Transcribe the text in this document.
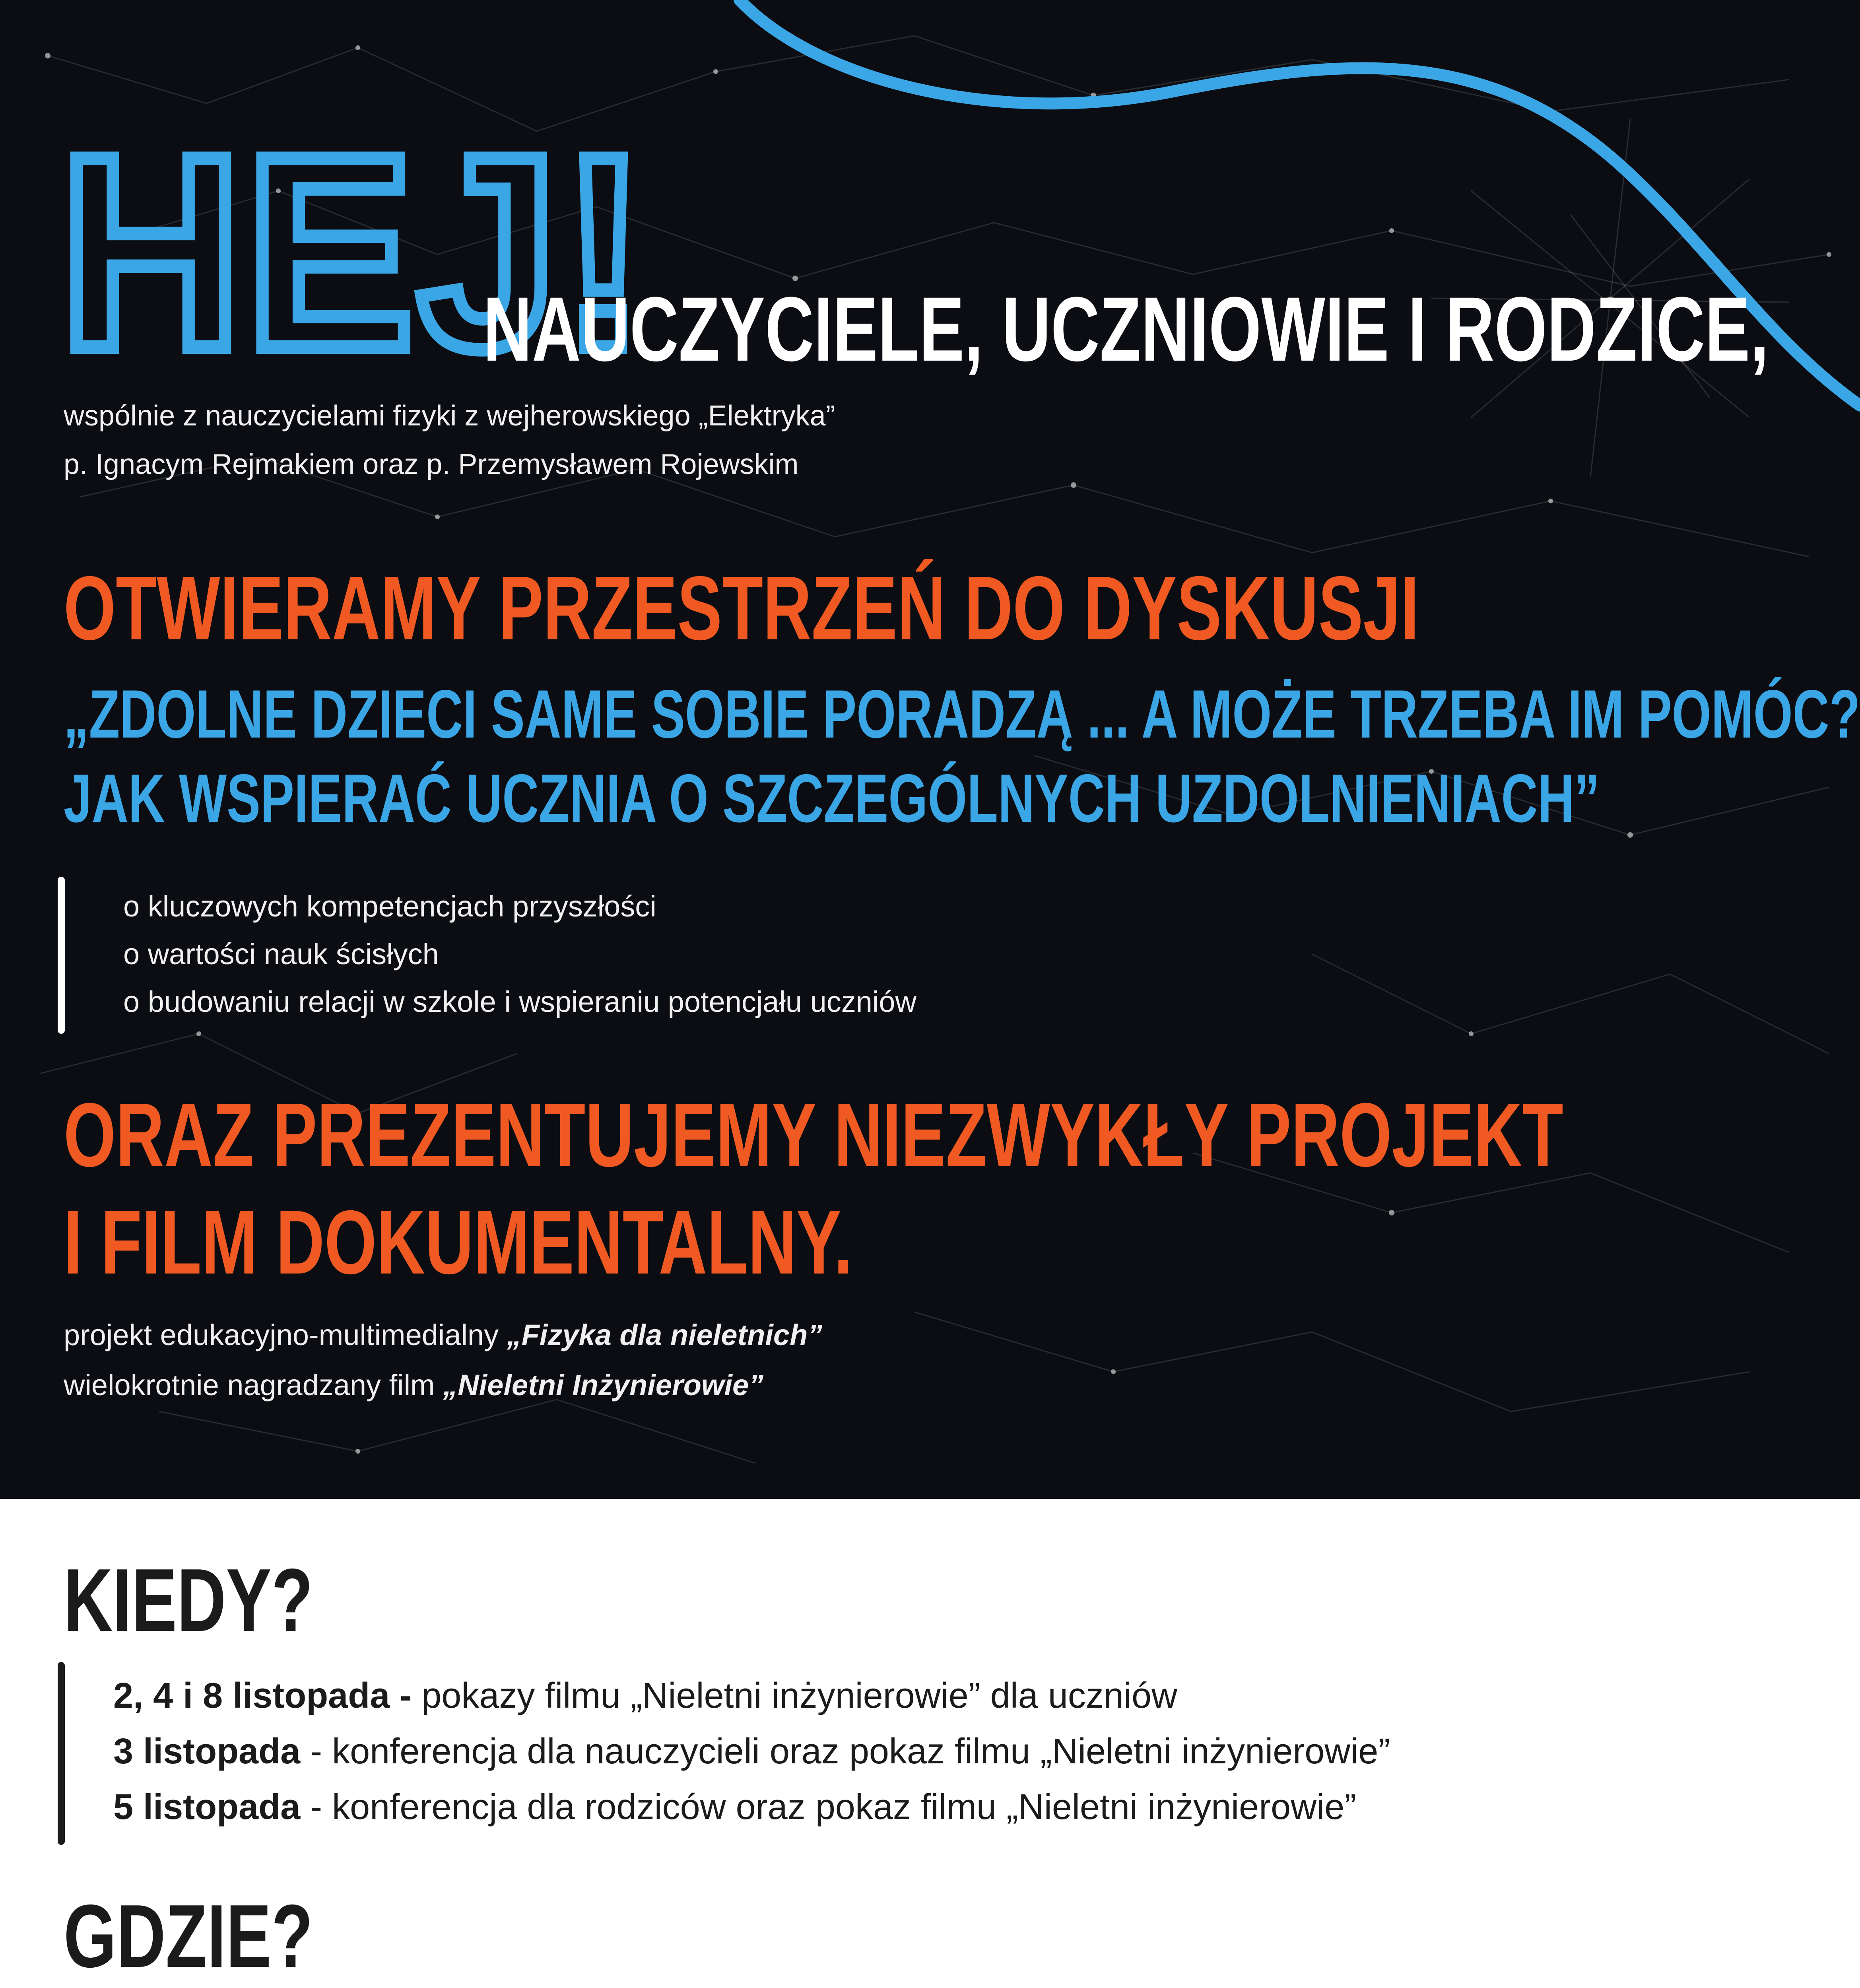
HEJ!
NAUCZYCIELE, UCZNIOWIE I RODZICE,
wspólnie z nauczycielami fizyki z wejherowskiego „Elektryka”
p. Ignacym Rejmakiem oraz p. Przemysławem Rojewskim
OTWIERAMY PRZESTRZEŃ DO DYSKUSJI
„ZDOLNE DZIECI SAME SOBIE PORADZĄ ... A MOŻE TRZEBA IM POMÓC?
JAK WSPIERAĆ UCZNIA O SZCZEGÓLNYCH UZDOLNIENIACH”
o kluczowych kompetencjach przyszłości
o wartości nauk ścisłych
o budowaniu relacji w szkole i wspieraniu potencjału uczniów
ORAZ PREZENTUJEMY NIEZWYKŁY PROJEKT
I FILM DOKUMENTALNY.
projekt edukacyjno-multimedialny „Fizyka dla nieletnich”
wielokrotnie nagradzany film „Nieletni Inżynierowie”
KIEDY?
2, 4 i 8 listopada - pokazy filmu „Nieletni inżynierowie” dla uczniów
3 listopada - konferencja dla nauczycieli oraz pokaz filmu „Nieletni inżynierowie”
5 listopada - konferencja dla rodziców oraz pokaz filmu „Nieletni inżynierowie”
GDZIE?
